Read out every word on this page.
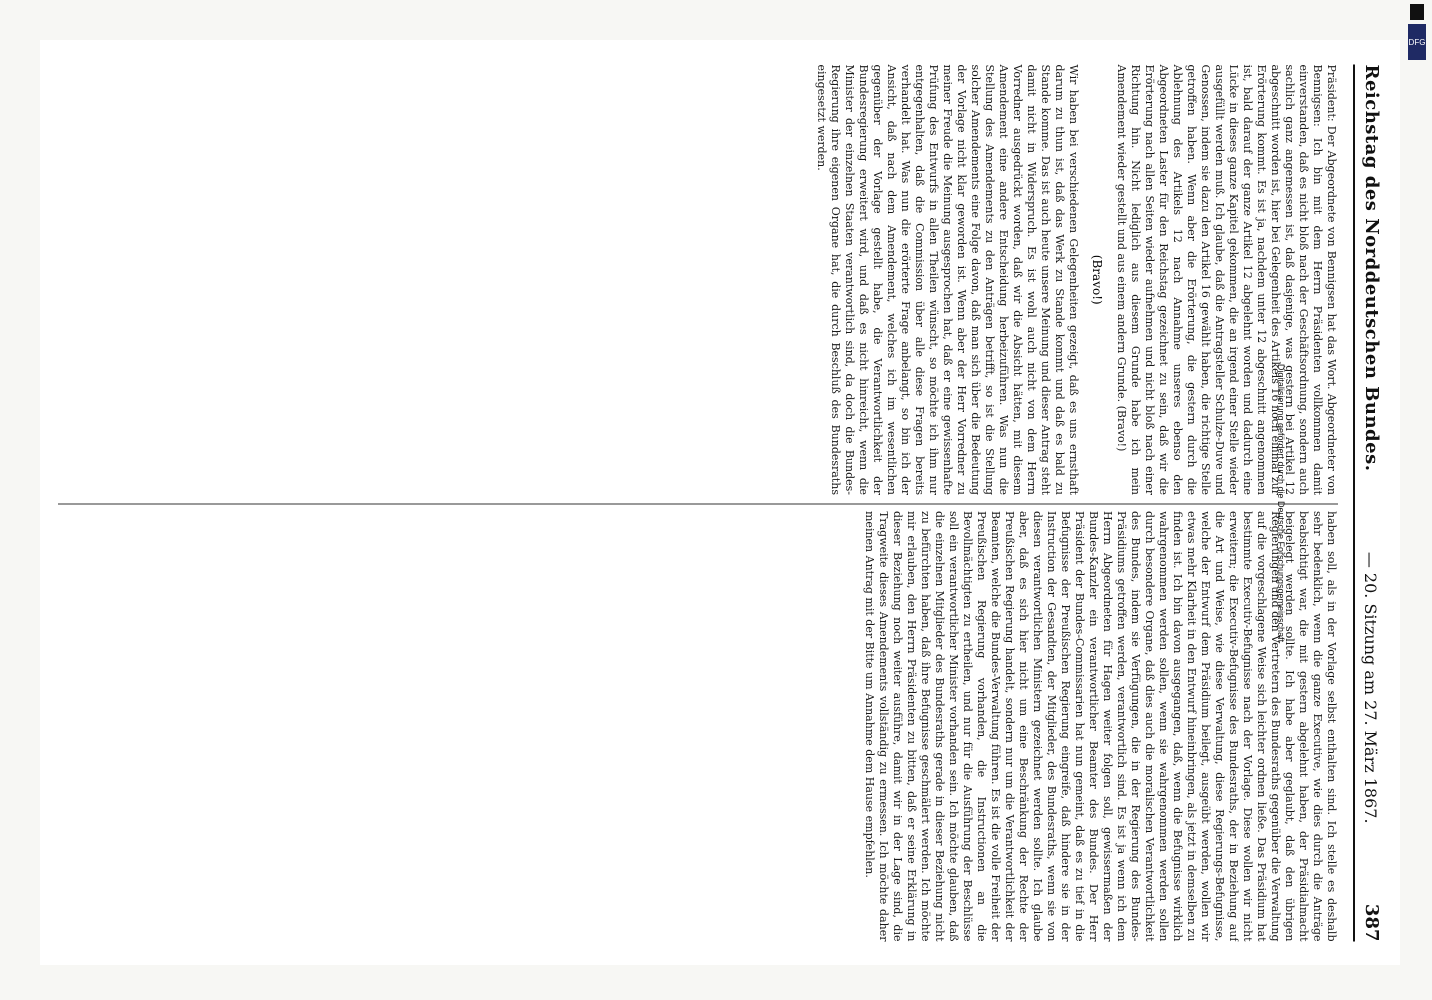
Reichstag des Norddeutschen Bundes.
— 20. Sitzung am 27. März 1867.
387
Präsident: Der Abgeordnete von Bennigsen hat das Wort. Abgeordneter von Bennigsen: Ich bin mit dem Herrn Präsidenten vollkommen damit einverstanden, daß es nicht bloß nach der Geschäftsordnung, sondern auch sachlich ganz angemessen ist, daß dasjenige, was gestern bei Artikel 12 abgeschnitt worden ist, hier bei Gelegenheit des Artikels 16 noch einmal zur Erörterung kommt. Es ist ja, nachdem unter 12 abgeschnitt angenommen ist, bald darauf der ganze Artikel 12 abgelehnt worden und dadurch eine Lücke in dieses ganze Kapitel gekommen, die an irgend einer Stelle wieder ausgefüllt werden muß. Ich glaube, daß die Antragsteller Schulze-Duve und Genossen, indem sie dazu den Artikel 16 gewählt haben, die richtige Stelle getroffen haben. Wenn aber die Erörterung, die gestern durch die Ablehnung des Artikels 12 nach Annahme unseres ebenso den Abgeordneten Laster für den Reichstag gezeichnet zu sein, daß wir die Erörterung nach allen Seiten wieder aufnehmen und nicht bloß nach einer Richtung hin. Nicht lediglich aus diesem Grunde habe ich mein Amendement wieder gestellt und aus einem andern Grunde. (Bravo!)
(Bravo!)
Wir haben bei verschiedenen Gelegenheiten gezeigt, daß es uns ernsthaft darum zu thun ist, daß das Werk zu Stande kommt und daß es bald zu Stande komme. Das ist auch heute unsere Meinung und dieser Antrag steht damit nicht in Widerspruch. Es ist wohl auch nicht von dem Herrn Vorredner ausgedrückt worden, daß wir die Absicht hätten, mit diesem Amendement eine andere Entscheidung herbeizuführen. Was nun die Stellung des Amendements zu den Anträgen betrifft, so ist die Stellung solcher Amendements eine Folge davon, daß man sich über die Bedeutung der Vorlage nicht klar geworden ist. Wenn aber der Herr Vorredner zu meiner Freude die Meinung ausgesprochen hat, daß er eine gewissenhafte Prüfung des Entwurfs in allen Theilen wünscht, so möchte ich ihm nur entgegenhalten, daß die Commission über alle diese Fragen bereits verhandelt hat. Was nun die erörterte Frage anbelangt, so bin ich der Ansicht, daß nach dem Amendement, welches ich im wesentlichen gegenüber der Vorlage gestellt habe, die Verantwortlichkeit der Bundesregierung erweitert wird, und daß es nicht hinreicht, wenn die Minister der einzelnen Staaten verantwortlich sind, da doch die Bundes-Regierung ihre eigenen Organe hat, die durch Beschluß des Bundesraths eingesetzt werden.
haben soll, als in der Vorlage selbst enthalten sind. Ich stelle es deshalb sehr bedenklich, wenn die ganze Executive, wie dies durch die Anträge beabsichtigt war, die mit gestern abgelehnt haben, der Präsidialmacht beigelegt werden sollte. Ich habe aber geglaubt, daß den übrigen Regierungen und den Vertretern des Bundesraths gegenüber die Verwaltung auf die vorgeschlagene Weise sich leichter ordnen ließe. Das Präsidium hat bestimmte Executiv-Befugnisse nach der Vorlage. Diese wollen wir nicht erweitern; die Executiv-Befugnisse des Bundesraths, der in Beziehung auf die Art und Weise, wie diese Verwaltung, diese Regierungs-Befugnisse, welche der Entwurf dem Präsidium beilegt, ausgeübt werden, wollen wir etwas mehr Klarheit in den Entwurf hineinbringen, als jetzt in demselben zu finden ist. Ich bin davon ausgegangen, daß, wenn die Befugnisse wirklich wahrgenommen werden sollen, wenn sie wahrgenommen werden sollen durch besondere Organe, daß dies auch die moralischen Verantwortlichkeit des Bundes, indem sie Verfügungen, die in der Regierung des Bundes-Präsidiums getroffen werden, verantwortlich sind. Es ist ja wenn ich dem Herrn Abgeordneten für Hagen weiter folgen soll, gewissermaßen der Bundes-Kanzler ein verantwortlicher Beamter des Bundes. Der Herr Präsident der Bundes-Commissarien hat nun gemeint, daß es zu tief in die Befugnisse der Preußischen Regierung eingreife, daß hindere sie in der Instruction der Gesandten, der Mitglieder, des Bundesraths, wenn sie von diesen verantwortlichen Ministern gezeichnet werden sollte. Ich glaube aber, daß es sich hier nicht um eine Beschränkung der Rechte der Preußischen Regierung handelt, sondern nur um die Verantwortlichkeit der Beamten, welche die Bundes-Verwaltung führen. Es ist die volle Freiheit der Preußischen Regierung vorhanden, die Instructionen an die Bevollmächtigten zu ertheilen, und nur für die Ausführung der Beschlüsse soll ein verantwortlicher Minister vorhanden sein. Ich möchte glauben, daß die einzelnen Mitglieder des Bundesraths gerade in dieser Beziehung nicht zu befürchten haben, daß ihre Befugnisse geschmälert werden. Ich möchte mir erlauben, den Herrn Präsidenten zu bitten, daß er seine Erklärung in dieser Beziehung noch weiter ausführe, damit wir in der Lage sind, die Tragweite dieses Amendements vollständig zu ermessen. Ich möchte daher meinen Antrag mit der Bitte um Annahme dem Hause empfehlen.
Digitalisierung gefördert durch die Deutsche Forschungsgemeinschaft
DFG
